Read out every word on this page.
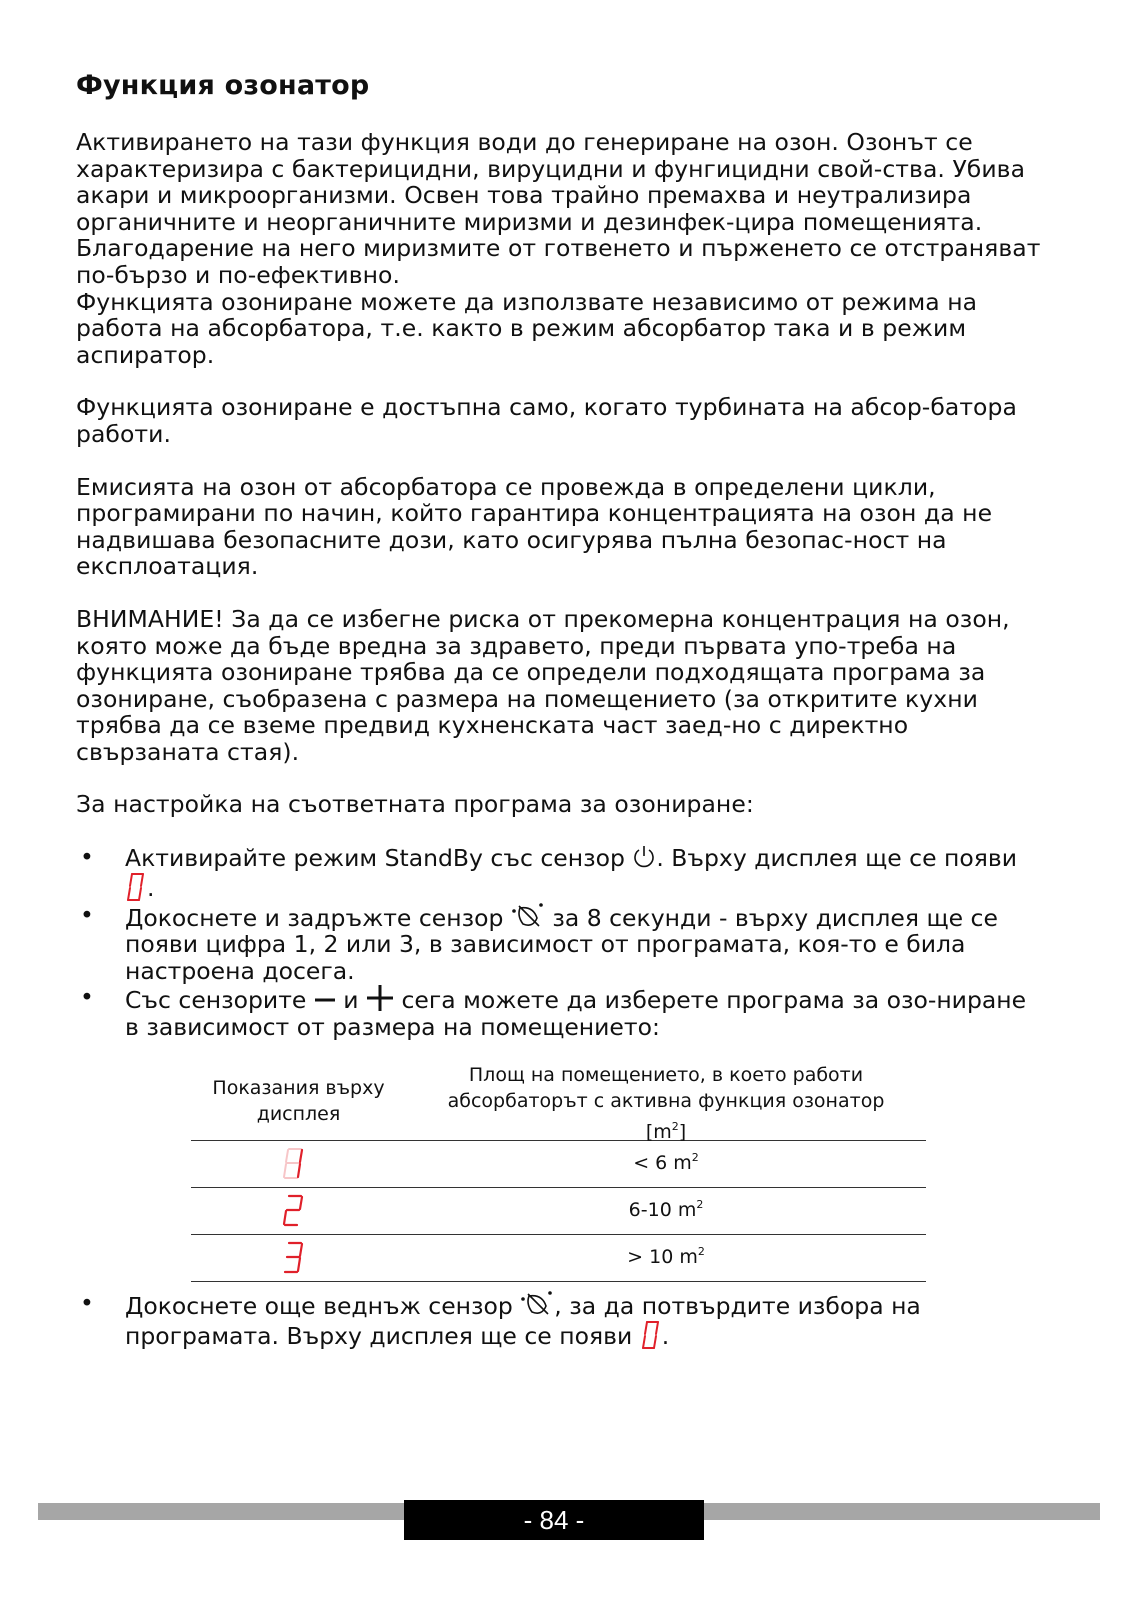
Функция озонатор

Активирането на тази функция води до генериране на озон. Озонът се характеризира с бактерицидни, вируцидни и фунгицидни свой-ства. Убива акари и микроорганизми. Освен това трайно премахва и неутрализира органичните и неорганичните миризми и дезинфек-цира помещенията. Благодарение на него миризмите от готвенето и пърженето се отстраняват по-бързо и по-ефективно.

Функцията озониране можете да използвате независимо от режима на работа на абсорбатора, т.е. както в режим абсорбатор така и в режим аспиратор.

Функцията озониране е достъпна само, когато турбината на абсор-батора работи.

Емисията на озон от абсорбатора се провежда в определени цикли, програмирани по начин, който гарантира концентрацията на озон да не надвишава безопасните дози, като осигурява пълна безопас-ност на експлоатация.

ВНИМАНИЕ! За да се избегне риска от прекомерна концентрация на озон, която може да бъде вредна за здравето, преди първата упо-треба на функцията озониране трябва да се определи подходящата програма за озониране, съобразена с размера на помещението (за откритите кухни трябва да се вземе предвид кухненската част заед-но с директно свързаната стая).

За настройка на съответната програма за озониране:

• Активирайте режим StandBy със сензор . Върху дисплея ще се появи .
• Докоснете и задръжте сензор  за 8 секунди - върху дисплея ще се появи цифра 1, 2 или 3, в зависимост от програмата, коя-то е била настроена досега.
• Със сензорите  и  сега можете да изберете програма за озо-ниране в зависимост от размера на помещението:
Показания върху
дисплея
Площ на помещението, в което работи
абсорбаторът с активна функция озонатор
$[m^2]$
< 6 $m^2$
6-10 $m^2$
> 10 $m^2$
• Докоснете още веднъж сензор , за да потвърдите избора на програмата. Върху дисплея ще се появи .
- 84 -
